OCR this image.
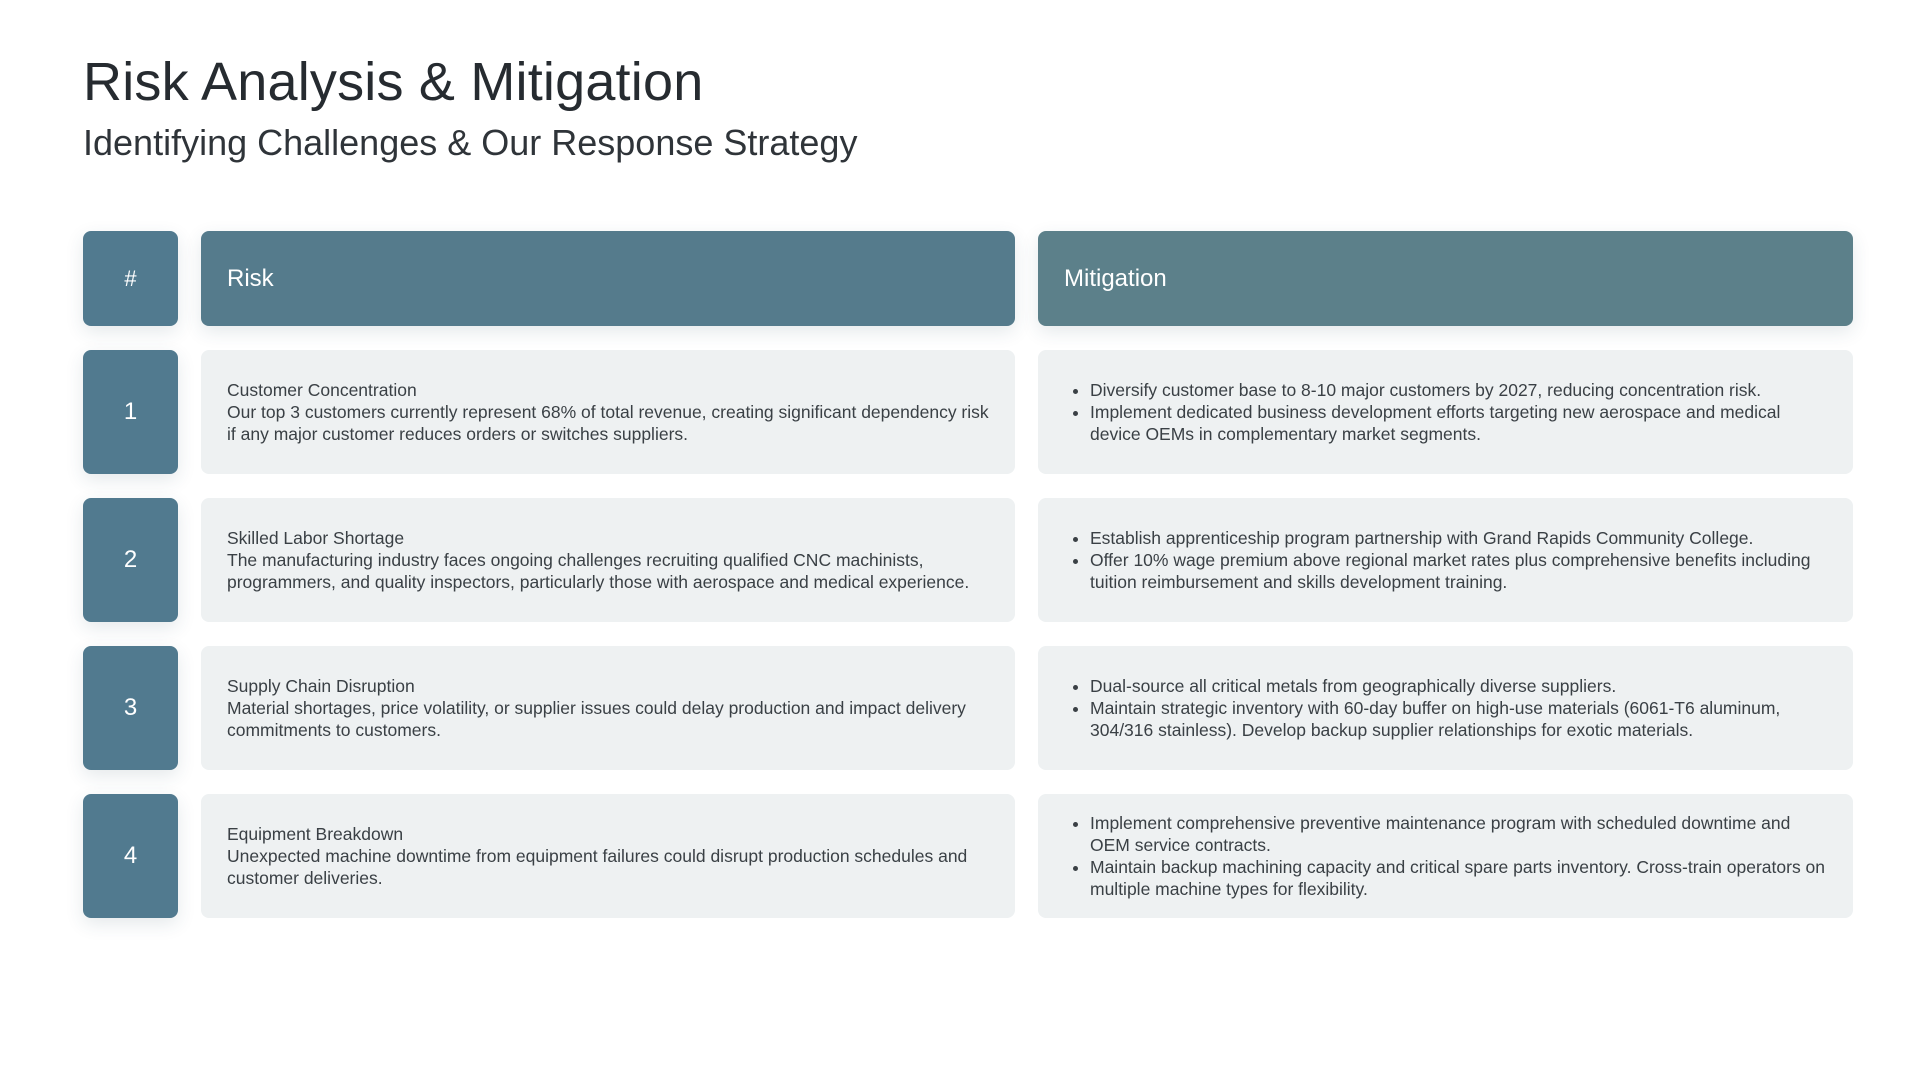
Risk Analysis & Mitigation
Identifying Challenges & Our Response Strategy
#	Risk	Mitigation
1
Customer Concentration
Our top 3 customers currently represent 68% of total revenue, creating significant dependency risk if any major customer reduces orders or switches suppliers.
• Diversify customer base to 8-10 major customers by 2027, reducing concentration risk.
• Implement dedicated business development efforts targeting new aerospace and medical device OEMs in complementary market segments.
2
Skilled Labor Shortage
The manufacturing industry faces ongoing challenges recruiting qualified CNC machinists, programmers, and quality inspectors, particularly those with aerospace and medical experience.
• Establish apprenticeship program partnership with Grand Rapids Community College.
• Offer 10% wage premium above regional market rates plus comprehensive benefits including tuition reimbursement and skills development training.
3
Supply Chain Disruption
Material shortages, price volatility, or supplier issues could delay production and impact delivery commitments to customers.
• Dual-source all critical metals from geographically diverse suppliers.
• Maintain strategic inventory with 60-day buffer on high-use materials (6061-T6 aluminum, 304/316 stainless). Develop backup supplier relationships for exotic materials.
4
Equipment Breakdown
Unexpected machine downtime from equipment failures could disrupt production schedules and customer deliveries.
• Implement comprehensive preventive maintenance program with scheduled downtime and OEM service contracts.
• Maintain backup machining capacity and critical spare parts inventory. Cross-train operators on multiple machine types for flexibility.
